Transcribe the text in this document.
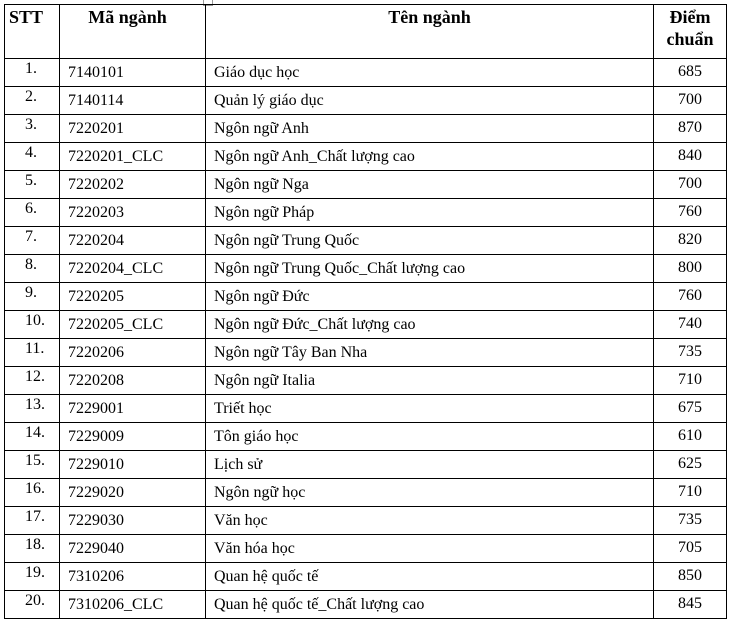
STT	Mã ngành	Tên ngành	Điểm
chuẩn

1.	7140101	Giáo dục học	685
2.	7140114	Quản lý giáo dục	700
3.	7220201	Ngôn ngữ Anh	870
4.	7220201_CLC	Ngôn ngữ Anh_Chất lượng cao	840
5.	7220202	Ngôn ngữ Nga	700
6.	7220203	Ngôn ngữ Pháp	760
7.	7220204	Ngôn ngữ Trung Quốc	820
8.	7220204_CLC	Ngôn ngữ Trung Quốc_Chất lượng cao	800
9.	7220205	Ngôn ngữ Đức	760
10.	7220205_CLC	Ngôn ngữ Đức_Chất lượng cao	740
11.	7220206	Ngôn ngữ Tây Ban Nha	735
12.	7220208	Ngôn ngữ Italia	710
13.	7229001	Triết học	675
14.	7229009	Tôn giáo học	610
15.	7229010	Lịch sử	625
16.	7229020	Ngôn ngữ học	710
17.	7229030	Văn học	735
18.	7229040	Văn hóa học	705
19.	7310206	Quan hệ quốc tế	850
20.	7310206_CLC	Quan hệ quốc tế_Chất lượng cao	845
